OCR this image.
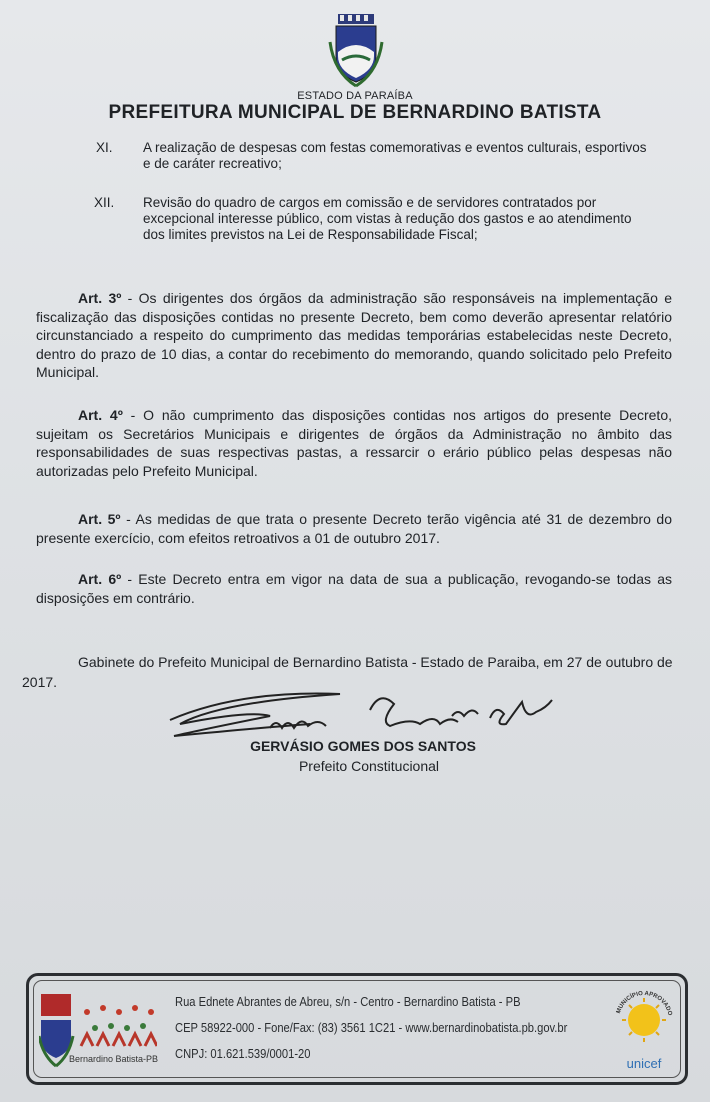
ESTADO DA PARAÍBA
PREFEITURA MUNICIPAL DE BERNARDINO BATISTA
XI. A realização de despesas com festas comemorativas e eventos culturais, esportivos
e de caráter recreativo;
XII. Revisão do quadro de cargos em comissão e de servidores contratados por
excepcional interesse público, com vistas à redução dos gastos e ao atendimento
dos limites previstos na Lei de Responsabilidade Fiscal;
Art. 3º - Os dirigentes dos órgãos da administração são responsáveis na implementação e fiscalização das disposições contidas no presente Decreto, bem como deverão apresentar relatório circunstanciado a respeito do cumprimento das medidas temporárias estabelecidas neste Decreto, dentro do prazo de 10 dias, a contar do recebimento do memorando, quando solicitado pelo Prefeito Municipal.
Art. 4º - O não cumprimento das disposições contidas nos artigos do presente Decreto, sujeitam os Secretários Municipais e dirigentes de órgãos da Administração no âmbito das responsabilidades de suas respectivas pastas, a ressarcir o erário público pelas despesas não autorizadas pelo Prefeito Municipal.
Art. 5º - As medidas de que trata o presente Decreto terão vigência até 31 de dezembro do presente exercício, com efeitos retroativos a 01 de outubro 2017.
Art. 6º - Este Decreto entra em vigor na data de sua a publicação, revogando-se todas as disposições em contrário.
Gabinete do Prefeito Municipal de Bernardino Batista - Estado de Paraiba, em 27 de outubro de 2017.
GERVÁSIO GOMES DOS SANTOS
Prefeito Constitucional
Bernardino Batista-PB
Rua Ednete Abrantes de Abreu, s/n - Centro - Bernardino Batista - PB
CEP 58922-000 - Fone/Fax: (83) 3561 1C21 - www.bernardinobatista.pb.gov.br
CNPJ: 01.621.539/0001-20
MUNICÍPIO APROVADO
unicef
